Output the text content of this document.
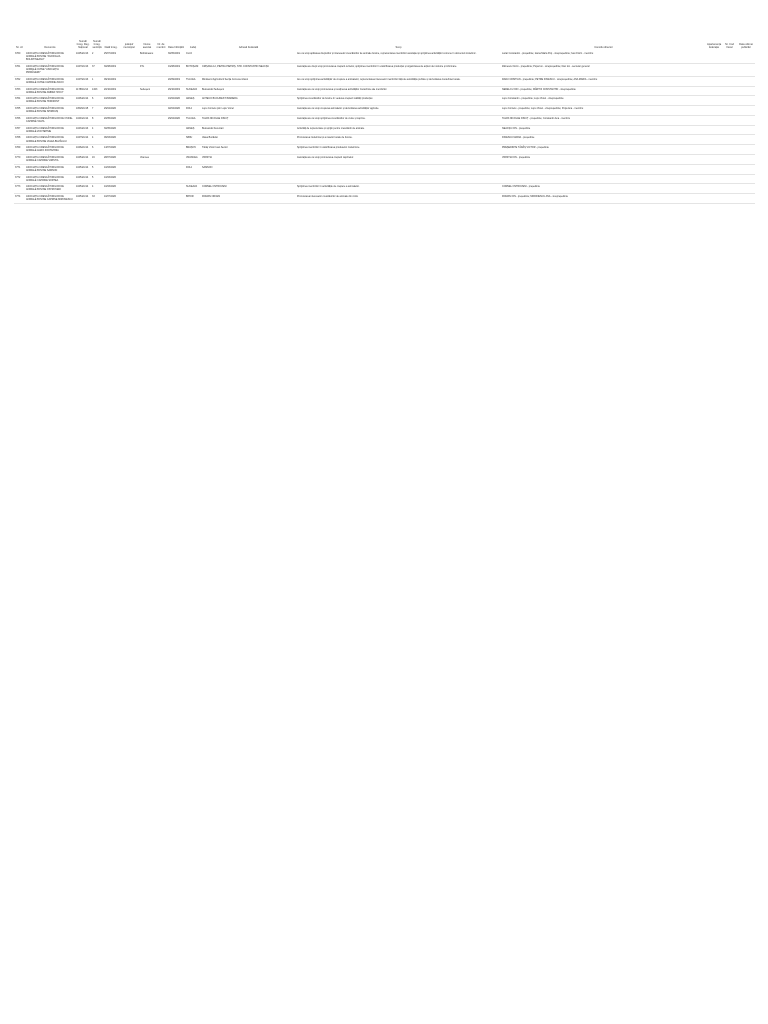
Nr. crt	Denumire	Număr înreg. Reg. Național	Număr înreg. sentință	Dată înreg.	județul/ municipiul	Nume asociat	Nr. de membri	Data înființării	Județ	Adresă Federală	Scop	Consiliu director	Apartenența federație	Nr. Cod fiscal	Data ultimei publicări
3760	ASOCIAȚIA CRESCĂTORILOR DE ANIMALE BOVINE "ASOFIGLIA BOLINTINEANU"	10454/A/13	2	25/07/2019		Bolintineanu		30/05/2019	CLUJ		Are ca scop apărarea drepturilor și intereselor crescătorilor de animale bovine, reprezentarea membrilor asociației și sprijinirea activităților comune în domeniul zootehnic.	Lazar Constantin - președinte; Ioana Maria Pop - vicepreședinte; Ivan Florin - membru			
3761	ASOCIAȚIA CRESCĂTORILOR DE ANIMALE OVINE "ASOCIAȚIA PRIMĂVERII"	10470/A/13	37	30/08/2019		P.N.		01/08/2019	BOTOȘANI	CRIȘANA 12, PIETRA PIETRIȘ, STR. CONSTANTIN NEACȘU	Asociația are drept scop promovarea creșterii ovinelor, sprijinirea membrilor în valorificarea producției și organizarea de acțiuni de instruire și informare.	Zărnescu Florin - președinte; Popa Ion - vicepreședinte; Dan Ion - secretar general			
3762	ASOCIAȚIA CRESCĂTORILOR DE ANIMALE OVINE CAPRINE ZAVOI	10479/A/13	1	09/10/2019				20/09/2019	TULCEA	Ministerul Agriculturii Secția Comunei Zavoi	Are ca scop sprijinirea activităților de creștere a animalelor, reprezentarea intereselor membrilor față de autoritățile publice și dezvoltarea zootehniei locale.	RADU CRISTIAN - președinte; PETRE IONESCU - vicepreședinte; ANA MARIA - membru			
3763	ASOCIAȚIA CRESCĂTORILOR DE ANIMALE BOVINE AMBRA "ROCI"	11789/A/14	1323	20/10/2019		Sebeșeni		29/10/2019	SUCEAVA	Bulevardul Sebeșeni	Asociația are ca scop promovarea și susținerea activităților zootehnice ale membrilor.	NEDELCU ION - președinte; MĂRTOI CONSTANTIN - vicepreședinte			
3764	ASOCIAȚIA CRESCĂTORILOR DE ANIMALE BOVINE HORIZONT	10464/A/14	6	10/03/2020				16/02/2020	ARGEȘ	ANTECO BUCURESTI BARIERA	Sprijinirea crescătorilor de bovine în vederea creșterii calității producției.	Lupu Constantin - președinte; Lupu Viorel - vicepreședinte			
3765	ASOCIAȚIA CRESCĂTORILOR DE ANIMALE BOVINE SPIRIDUȘ	10526/A/15	7	29/04/2020				02/04/2020	DOLJ	Lupu Cornelu prin Lupu Viorel	Asociația are ca scop creșterea animalelor și dezvoltarea activităților agricole.	Lupu Cornelu - președinte; Lupu Viorel - vicepreședinte; Popa Ana - membru			
3766	ASOCIAȚIA CRESCĂTORILOR DE OVINE-CAPRINE TALPA	10491/A/14	8	20/05/2020				29/04/2020	TULCEA	TALPA NICOLAE IONUȚ	Asociația are ca scop sprijinirea crescătorilor de ovine și caprine.	TALPA NICOLAE IONUȚ - președinte; Constantin Ana - membru			
3767	ASOCIAȚIA CRESCĂTORILOR DE ANIMALE ZOOTEHNIE	10434/A/13	4	30/05/2020					ARGEȘ	Bulevardul Ferentari	Activități de reprezentare și sprijin pentru crescătorii de animale.	NEACȘU ION - președinte			
3768	ASOCIAȚIA CRESCĂTORILOR DE ANIMALE BOVINE VALEA BUZĂULUI	10479/A/14	4	06/03/2020					SIBIU	Valea Buzăului	Promovarea zootehniei și a raselor locale de bovine.	IONESCU MARIA - președinte			
3769	ASOCIAȚIA CRESCĂTORILOR DE ANIMALE AGRO ZOOTEHNIA	10462/A/14	6	13/07/2020					BRAȘOV	Tărâș Victor Ioan Sector	Sprijinirea membrilor în valorificarea produselor zootehnice.	PREȘEDINTE TĂRÂȘ VICTOR - președinte			
3770	ASOCIAȚIA CRESCĂTORILOR DE ANIMALE CAPRINE VIRISTIA	10454/A/14	16	28/07/2020		Vrancea			VRANCEA	VIRISTIA	Asociația are ca scop promovarea creșterii caprinelor.	VIRISTIA ION - președinte			
3771	ASOCIAȚIA CRESCĂTORILOR DE ANIMALE BOVINE SAMSON	10454/A/14	5	10/03/2020					DOLJ	SAMSON					
3772	ASOCIAȚIA CRESCĂTORILOR DE ANIMALE CAPRINE SORTEA	10454/A/14	5	10/03/2020											
3773	ASOCIAȚIA CRESCĂTORILOR DE ANIMALE BOVINE OSTROVENI	10454/A/14	4	10/03/2020					SUCEAVA	CORNEL OSTROVENI	Sprijinirea membrilor în activitățile de creștere a animalelor.	CORNEL OSTROVENI - președinte			
3774	ASOCIAȚIA CRESCĂTORILOR DE ANIMALE BOVINE CAPRINE MIRONESCU	10454/A/14	33	10/07/2020					BIHOR	ROMAN ORIGIN	Promovarea intereselor crescătorilor de animale din zonă.	ROMAN ION - președinte; MIRONESCU ANA - vicepreședinte			
